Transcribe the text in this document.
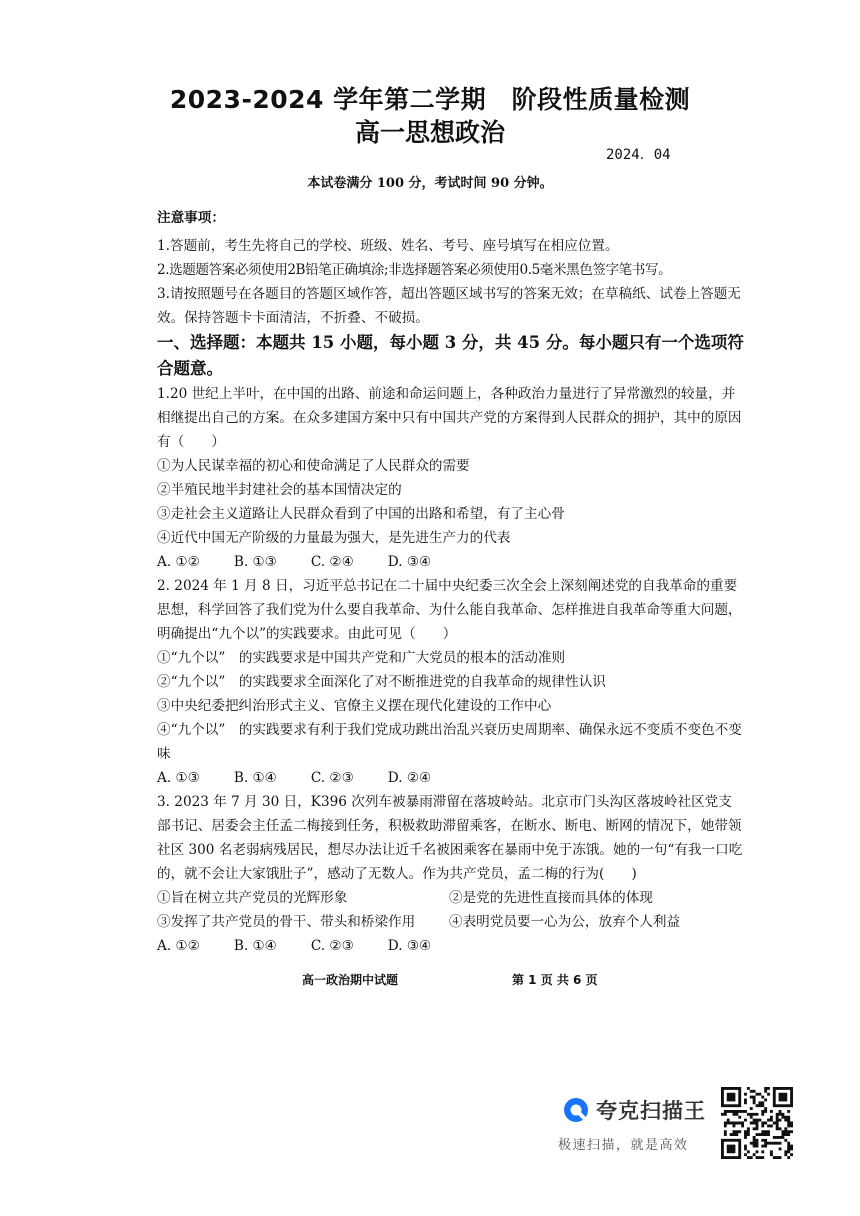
2023-2024 学年第二学期　阶段性质量检测
高一思想政治
2024．04
本试卷满分 100 分，考试时间 90 分钟。

注意事项：

1.答题前，考生先将自己的学校、班级、姓名、考号、座号填写在相应位置。

2.选题题答案必须使用2B铅笔正确填涂;非选择题答案必须使用0.5毫米黑色签字笔书写。

3.请按照题号在各题目的答题区域作答，超出答题区域书写的答案无效；在草稿纸、试卷上答题无效。保持答题卡卡面清洁，不折叠、不破损。

一、选择题：本题共 15 小题，每小题 3 分，共 45 分。每小题只有一个选项符合题意。

1.20 世纪上半叶，在中国的出路、前途和命运问题上，各种政治力量进行了异常激烈的较量，并相继提出自己的方案。在众多建国方案中只有中国共产党的方案得到人民群众的拥护，其中的原因有（　　）

①为人民谋幸福的初心和使命满足了人民群众的需要

②半殖民地半封建社会的基本国情决定的

③走社会主义道路让人民群众看到了中国的出路和希望，有了主心骨

④近代中国无产阶级的力量最为强大，是先进生产力的代表

A. ①②	B. ①③	C. ②④	D. ③④

2. 2024 年 1 月 8 日，习近平总书记在二十届中央纪委三次全会上深刻阐述党的自我革命的重要思想，科学回答了我们党为什么要自我革命、为什么能自我革命、怎样推进自我革命等重大问题，明确提出“九个以”的实践要求。由此可见（　　）

①“九个以”　的实践要求是中国共产党和广大党员的根本的活动准则

②“九个以”　的实践要求全面深化了对不断推进党的自我革命的规律性认识

③中央纪委把纠治形式主义、官僚主义摆在现代化建设的工作中心

④“九个以”　的实践要求有利于我们党成功跳出治乱兴衰历史周期率、确保永远不变质不变色不变味

A. ①③	B. ①④	C. ②③	D. ②④

3. 2023 年 7 月 30 日，K396 次列车被暴雨滞留在落坡岭站。北京市门头沟区落坡岭社区党支部书记、居委会主任孟二梅接到任务，积极救助滞留乘客，在断水、断电、断网的情况下，她带领社区 300 名老弱病残居民，想尽办法让近千名被困乘客在暴雨中免于冻饿。她的一句“有我一口吃的，就不会让大家饿肚子”，感动了无数人。作为共产党员，孟二梅的行为(　　)

①旨在树立共产党员的光辉形象	②是党的先进性直接而具体的体现

③发挥了共产党员的骨干、带头和桥梁作用	④表明党员要一心为公，放弃个人利益

A. ①②	B. ①④	C. ②③	D. ③④

高一政治期中试题	第 1 页 共 6 页
夸克扫描王
极速扫描，就是高效
